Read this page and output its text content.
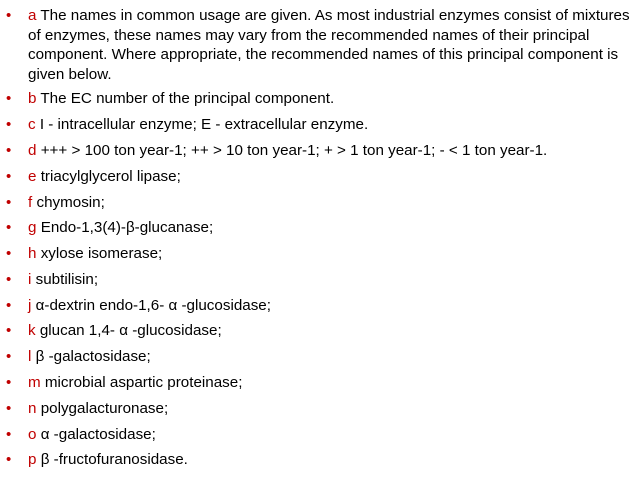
• a The names in common usage are given. As most industrial enzymes consist of mixtures of enzymes, these names may vary from the recommended names of their principal component. Where appropriate, the recommended names of this principal component is given below.
• b The EC number of the principal component.
• c I - intracellular enzyme; E - extracellular enzyme.
• d +++ > 100 ton year-1; ++ > 10 ton year-1; + > 1 ton year-1; - < 1 ton year-1.
• e triacylglycerol lipase;
• f chymosin;
• g Endo-1,3(4)-β-glucanase;
• h xylose isomerase;
• i subtilisin;
• j α-dextrin endo-1,6- α -glucosidase;
• k glucan 1,4- α -glucosidase;
• l β -galactosidase;
• m microbial aspartic proteinase;
• n polygalacturonase;
• o α -galactosidase;
• p β -fructofuranosidase.
